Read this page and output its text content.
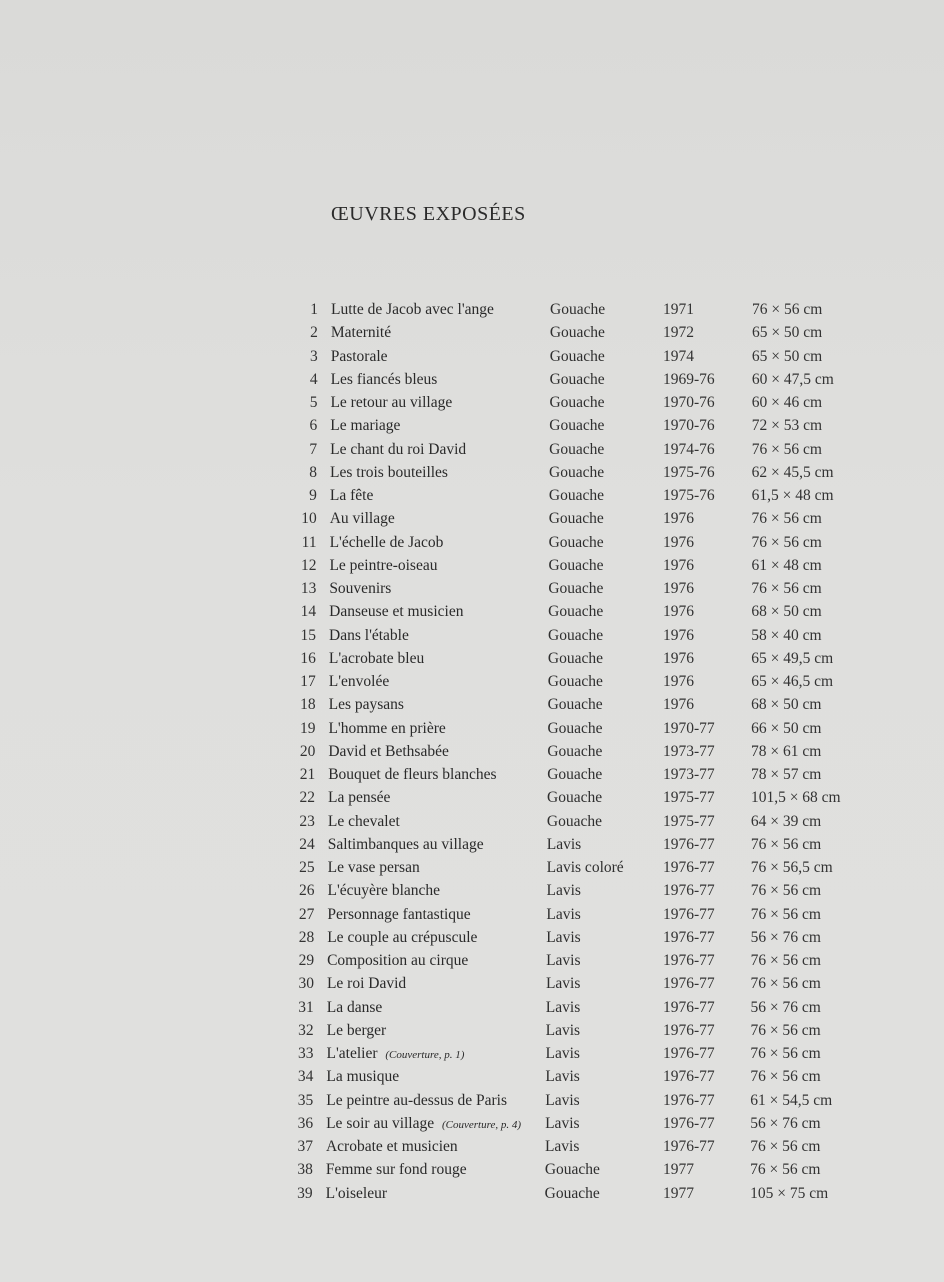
ŒUVRES EXPOSÉES
1 Lutte de Jacob avec l'ange	Gouache	1971	76 × 56 cm
2 Maternité	Gouache	1972	65 × 50 cm
3 Pastorale	Gouache	1974	65 × 50 cm
4 Les fiancés bleus	Gouache	1969-76 60 × 47,5 cm
5 Le retour au village	Gouache	1970-76 60 × 46 cm
6 Le mariage	Gouache	1970-76 72 × 53 cm
7 Le chant du roi David	Gouache	1974-76 76 × 56 cm
8 Les trois bouteilles	Gouache	1975-76 62 × 45,5 cm
9 La fête	Gouache	1975-76 61,5 × 48 cm
10 Au village	Gouache	1976	76 × 56 cm
11 L'échelle de Jacob	Gouache	1976	76 × 56 cm
12 Le peintre-oiseau	Gouache	1976	61 × 48 cm
13 Souvenirs	Gouache	1976	76 × 56 cm
14 Danseuse et musicien	Gouache	1976	68 × 50 cm
15 Dans l'étable	Gouache	1976	58 × 40 cm
16 L'acrobate bleu	Gouache	1976	65 × 49,5 cm
17 L'envolée	Gouache	1976	65 × 46,5 cm
18 Les paysans	Gouache	1976	68 × 50 cm
19 L'homme en prière	Gouache	1970-77 66 × 50 cm
20 David et Bethsabée	Gouache	1973-77 78 × 61 cm
21 Bouquet de fleurs blanches	Gouache	1973-77 78 × 57 cm
22 La pensée	Gouache	1975-77 101,5 × 68 cm
23 Le chevalet	Gouache	1975-77 64 × 39 cm
24 Saltimbanques au village	Lavis	1976-77 76 × 56 cm
25 Le vase persan	Lavis coloré	1976-77 76 × 56,5 cm
26 L'écuyère blanche	Lavis	1976-77 76 × 56 cm
27 Personnage fantastique	Lavis	1976-77 76 × 56 cm
28 Le couple au crépuscule	Lavis	1976-77 56 × 76 cm
29 Composition au cirque	Lavis	1976-77 76 × 56 cm
30 Le roi David	Lavis	1976-77 76 × 56 cm
31 La danse	Lavis	1976-77 56 × 76 cm
32 Le berger	Lavis	1976-77 76 × 56 cm
33 L'atelier (Couverture, p. 1)	Lavis	1976-77 76 × 56 cm
34 La musique	Lavis	1976-77 76 × 56 cm
35 Le peintre au-dessus de Paris Lavis	1976-77 61 × 54,5 cm
36 Le soir au village (Couverture, p. 4) Lavis	1976-77 56 × 76 cm
37 Acrobate et musicien	Lavis	1976-77 76 × 56 cm
38 Femme sur fond rouge	Gouache	1977	76 × 56 cm
39 L'oiseleur	Gouache	1977	105 × 75 cm
